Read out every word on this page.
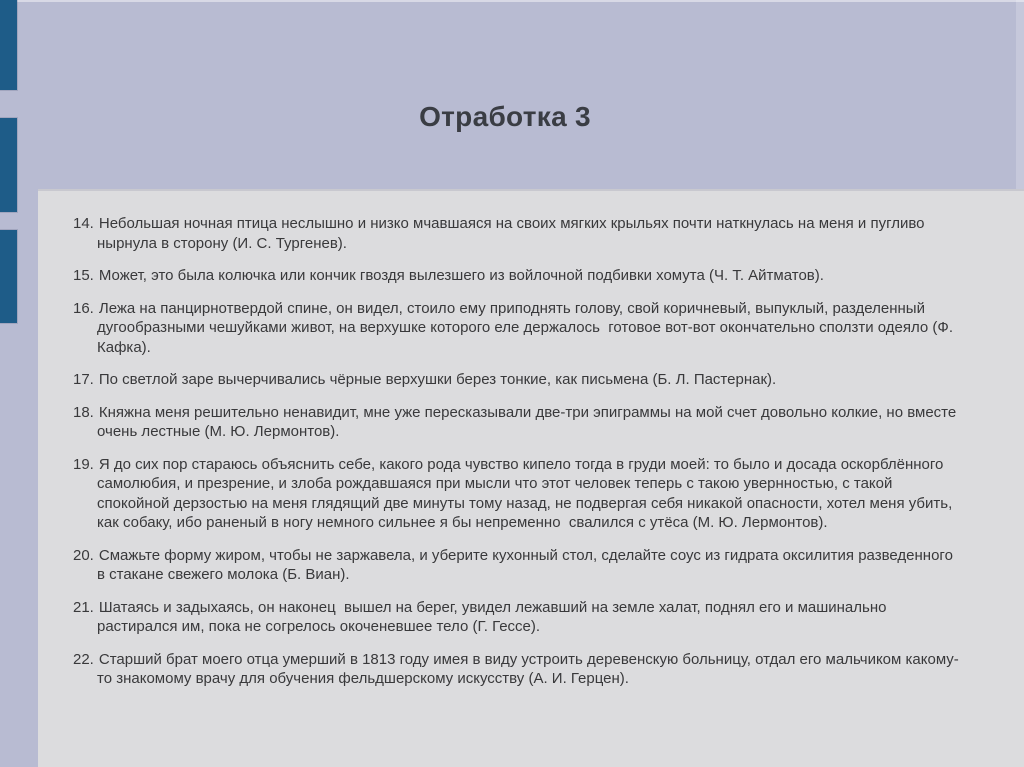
Отработка 3

14. Небольшая ночная птица неслышно и низко мчавшаяся на своих мягких крыльях почти наткнулась на меня и пугливо нырнула в сторону (И. С. Тургенев).

15. Может, это была колючка или кончик гвоздя вылезшего из войлочной подбивки хомута (Ч. Т. Айтматов).

16. Лежа на панцирнотвердой спине, он видел, стоило ему приподнять голову, свой коричневый, выпуклый, разделенный дугообразными чешуйками живот, на верхушке которого еле держалось  готовое вот-вот окончательно сползти одеяло (Ф. Кафка).

17. По светлой заре вычерчивались чёрные верхушки берез тонкие, как письмена (Б. Л. Пастернак).

18. Княжна меня решительно ненавидит, мне уже пересказывали две-три эпиграммы на мой счет довольно колкие, но вместе очень лестные (М. Ю. Лермонтов).

19. Я до сих пор стараюсь объяснить себе, какого рода чувство кипело тогда в груди моей: то было и досада оскорблённого самолюбия, и презрение, и злоба рождавшаяся при мысли что этот человек теперь с такою увернностью, с такой спокойной дерзостью на меня глядящий две минуты тому назад, не подвергая себя никакой опасности, хотел меня убить, как собаку, ибо раненый в ногу немного сильнее я бы непременно  свалился с утёса (М. Ю. Лермонтов).

20. Смажьте форму жиром, чтобы не заржавела, и уберите кухонный стол, сделайте соус из гидрата оксилития разведенного в стакане свежего молока (Б. Виан).

21. Шатаясь и задыхаясь, он наконец  вышел на берег, увидел лежавший на земле халат, поднял его и машинально растирался им, пока не согрелось окоченевшее тело (Г. Гессе).

22. Старший брат моего отца умерший в 1813 году имея в виду устроить деревенскую больницу, отдал его мальчиком какому-то знакомому врачу для обучения фельдшерскому искусству (А. И. Герцен).
